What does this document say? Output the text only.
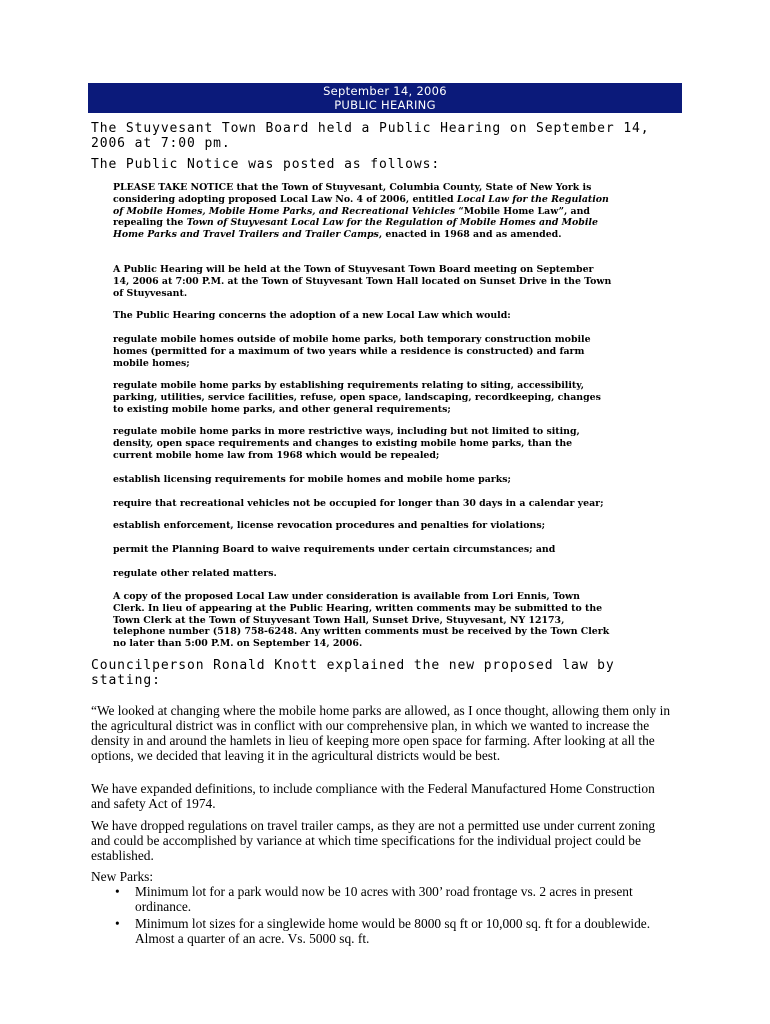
September 14, 2006
PUBLIC HEARING
The Stuyvesant Town Board held a Public Hearing on September 14, 2006 at 7:00 pm.
The Public Notice was posted as follows:
PLEASE TAKE NOTICE that the Town of Stuyvesant, Columbia County, State of New York is considering adopting proposed Local Law No. 4 of 2006, entitled Local Law for the Regulation of Mobile Homes, Mobile Home Parks, and Recreational Vehicles “Mobile Home Law”, and repealing the Town of Stuyvesant Local Law for the Regulation of Mobile Homes and Mobile Home Parks and Travel Trailers and Trailer Camps, enacted in 1968 and as amended.
A Public Hearing will be held at the Town of Stuyvesant Town Board meeting on September 14, 2006 at 7:00 P.M. at the Town of Stuyvesant Town Hall located on Sunset Drive in the Town of Stuyvesant.
The Public Hearing concerns the adoption of a new Local Law which would:
regulate mobile homes outside of mobile home parks, both temporary construction mobile homes (permitted for a maximum of two years while a residence is constructed) and farm mobile homes;
regulate mobile home parks by establishing requirements relating to siting, accessibility, parking, utilities, service facilities, refuse, open space, landscaping, recordkeeping, changes to existing mobile home parks, and other general requirements;
regulate mobile home parks in more restrictive ways, including but not limited to siting, density, open space requirements and changes to existing mobile home parks, than the current mobile home law from 1968 which would be repealed;
establish licensing requirements for mobile homes and mobile home parks;
require that recreational vehicles not be occupied for longer than 30 days in a calendar year;
establish enforcement, license revocation procedures and penalties for violations;
permit the Planning Board to waive requirements under certain circumstances; and
regulate other related matters.
A copy of the proposed Local Law under consideration is available from Lori Ennis, Town Clerk. In lieu of appearing at the Public Hearing, written comments may be submitted to the Town Clerk at the Town of Stuyvesant Town Hall, Sunset Drive, Stuyvesant, NY 12173, telephone number (518) 758-6248. Any written comments must be received by the Town Clerk no later than 5:00 P.M. on September 14, 2006.
Councilperson Ronald Knott explained the new proposed law by stating:
“We looked at changing where the mobile home parks are allowed, as I once thought, allowing them only in the agricultural district was in conflict with our comprehensive plan, in which we wanted to increase the density in and around the hamlets in lieu of keeping more open space for farming. After looking at all the options, we decided that leaving it in the agricultural districts would be best.
We have expanded definitions, to include compliance with the Federal Manufactured Home Construction and safety Act of 1974.
We have dropped regulations on travel trailer camps, as they are not a permitted use under current zoning and could be accomplished by variance at which time specifications for the individual project could be established.
New Parks:
• Minimum lot for a park would now be 10 acres with 300’ road frontage vs. 2 acres in present ordinance.
• Minimum lot sizes for a singlewide home would be 8000 sq ft or 10,000 sq. ft for a doublewide. Almost a quarter of an acre. Vs. 5000 sq. ft.
